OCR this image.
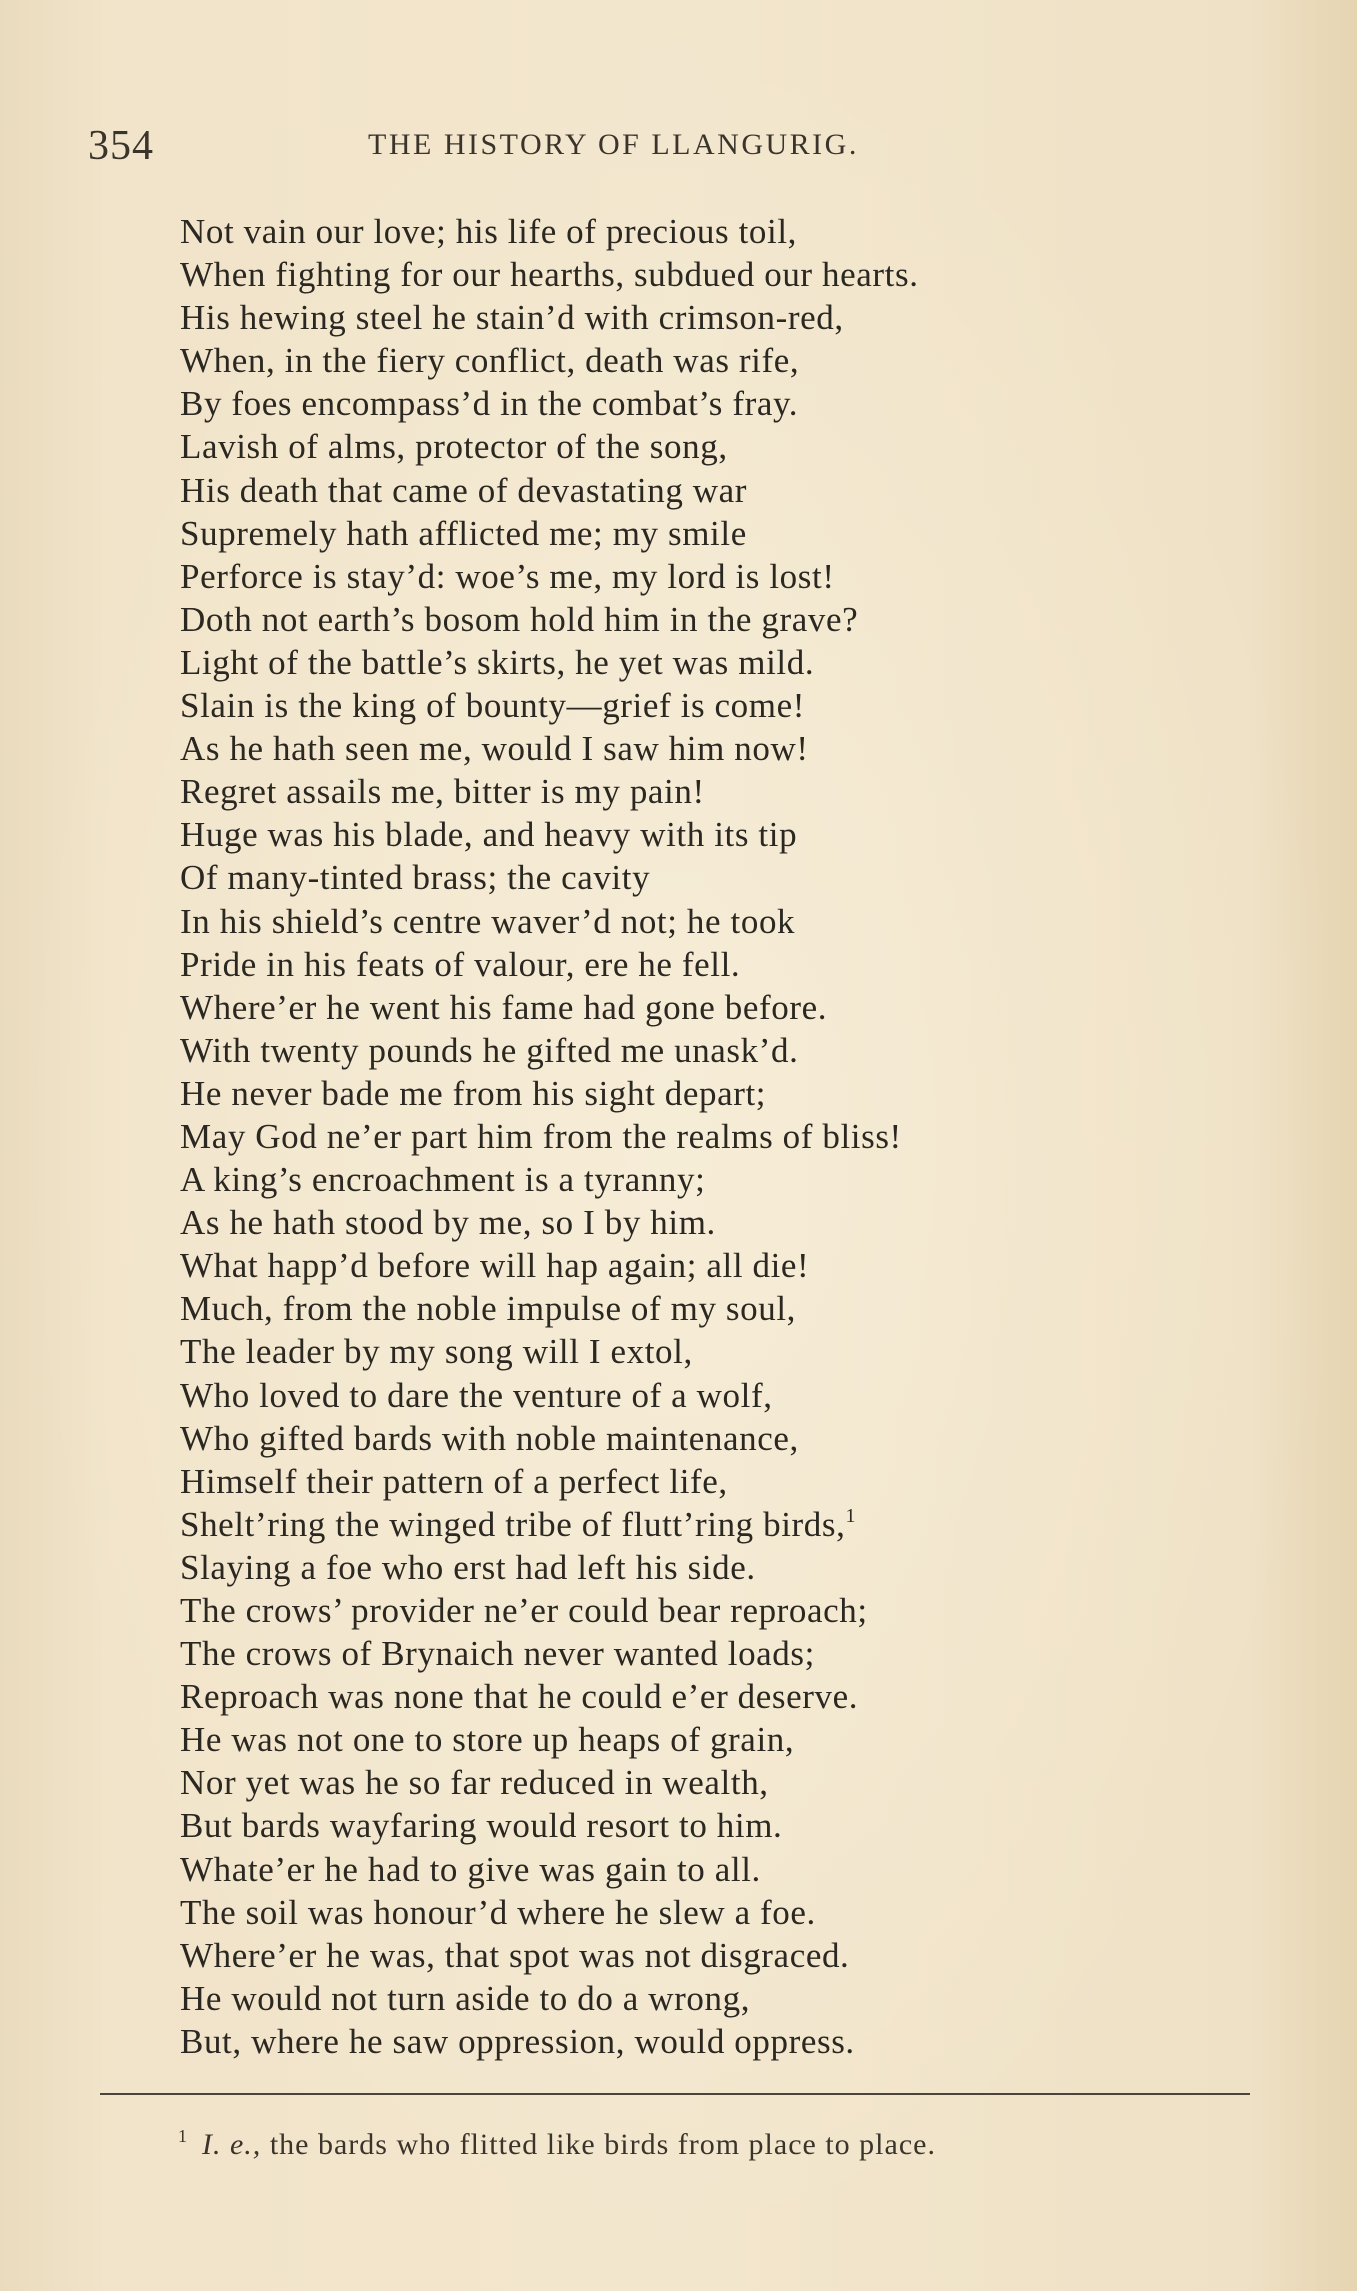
354	THE HISTORY OF LLANGURIG.
Not vain our love; his life of precious toil,
When fighting for our hearths, subdued our hearts.
His hewing steel he stain’d with crimson-red,
When, in the fiery conflict, death was rife,
By foes encompass’d in the combat’s fray.
Lavish of alms, protector of the song,
His death that came of devastating war
Supremely hath afflicted me; my smile
Perforce is stay’d: woe’s me, my lord is lost!
Doth not earth’s bosom hold him in the grave?
Light of the battle’s skirts, he yet was mild.
Slain is the king of bounty—grief is come!
As he hath seen me, would I saw him now!
Regret assails me, bitter is my pain!
Huge was his blade, and heavy with its tip
Of many-tinted brass; the cavity
In his shield’s centre waver’d not; he took
Pride in his feats of valour, ere he fell.
Where’er he went his fame had gone before.
With twenty pounds he gifted me unask’d.
He never bade me from his sight depart;
May God ne’er part him from the realms of bliss!
A king’s encroachment is a tyranny;
As he hath stood by me, so I by him.
What happ’d before will hap again; all die!
Much, from the noble impulse of my soul,
The leader by my song will I extol,
Who loved to dare the venture of a wolf,
Who gifted bards with noble maintenance,
Himself their pattern of a perfect life,
Shelt’ring the winged tribe of flutt’ring birds,$^1$
Slaying a foe who erst had left his side.
The crows’ provider ne’er could bear reproach;
The crows of Brynaich never wanted loads;
Reproach was none that he could e’er deserve.
He was not one to store up heaps of grain,
Nor yet was he so far reduced in wealth,
But bards wayfaring would resort to him.
Whate’er he had to give was gain to all.
The soil was honour’d where he slew a foe.
Where’er he was, that spot was not disgraced.
He would not turn aside to do a wrong,
But, where he saw oppression, would oppress.
$^1$ I. e., the bards who flitted like birds from place to place.
